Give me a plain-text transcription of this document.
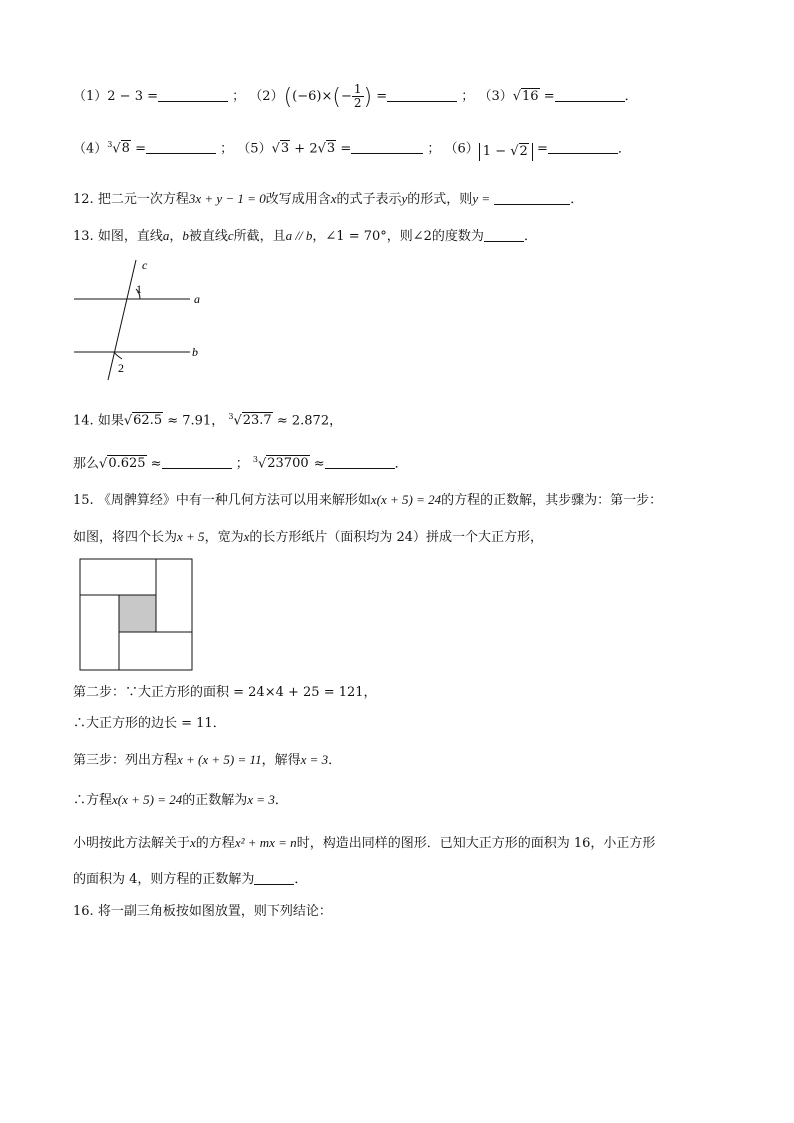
（1）2 − 3 =	； $(2)((-6)\times(- \frac{1}{2}$ ) =	； （3）√16 =	．
$(4)^3√8$ =	； （5）√3 + 2√3 =	； （6） 1 − √2 =	．
12. 把二元一次方程3x + y − 1 = 0改写成用含x的式子表示y的形式，则y =	．
13. 如图，直线a，b被直线c所截，且a // b，∠1 = 70°，则∠2的度数为	．
c
1
a
b
2
14. 如果√62.5 ≈ 7.91， $^3$√23.7 ≈ 2.872，
那么√0.625 ≈	； $^3$√23700 ≈	．
15. 《周髀算经》中有一种几何方法可以用来解形如x(x + 5) = 24的方程的正数解，其步骤为：第一步：
如图，将四个长为x + 5，宽为x的长方形纸片（面积均为 24）拼成一个大正方形，
第二步：∵大正方形的面积 = 24×4 + 25 = 121，
∴大正方形的边长 = 11．
第三步：列出方程x + (x + 5) = 11，解得x = 3．
∴方程x(x + 5) = 24的正数解为x = 3．
小明按此方法解关于x的方程x² + mx = n时，构造出同样的图形．已知大正方形的面积为 16，小正方形
的面积为 4，则方程的正数解为	．
16. 将一副三角板按如图放置，则下列结论：
